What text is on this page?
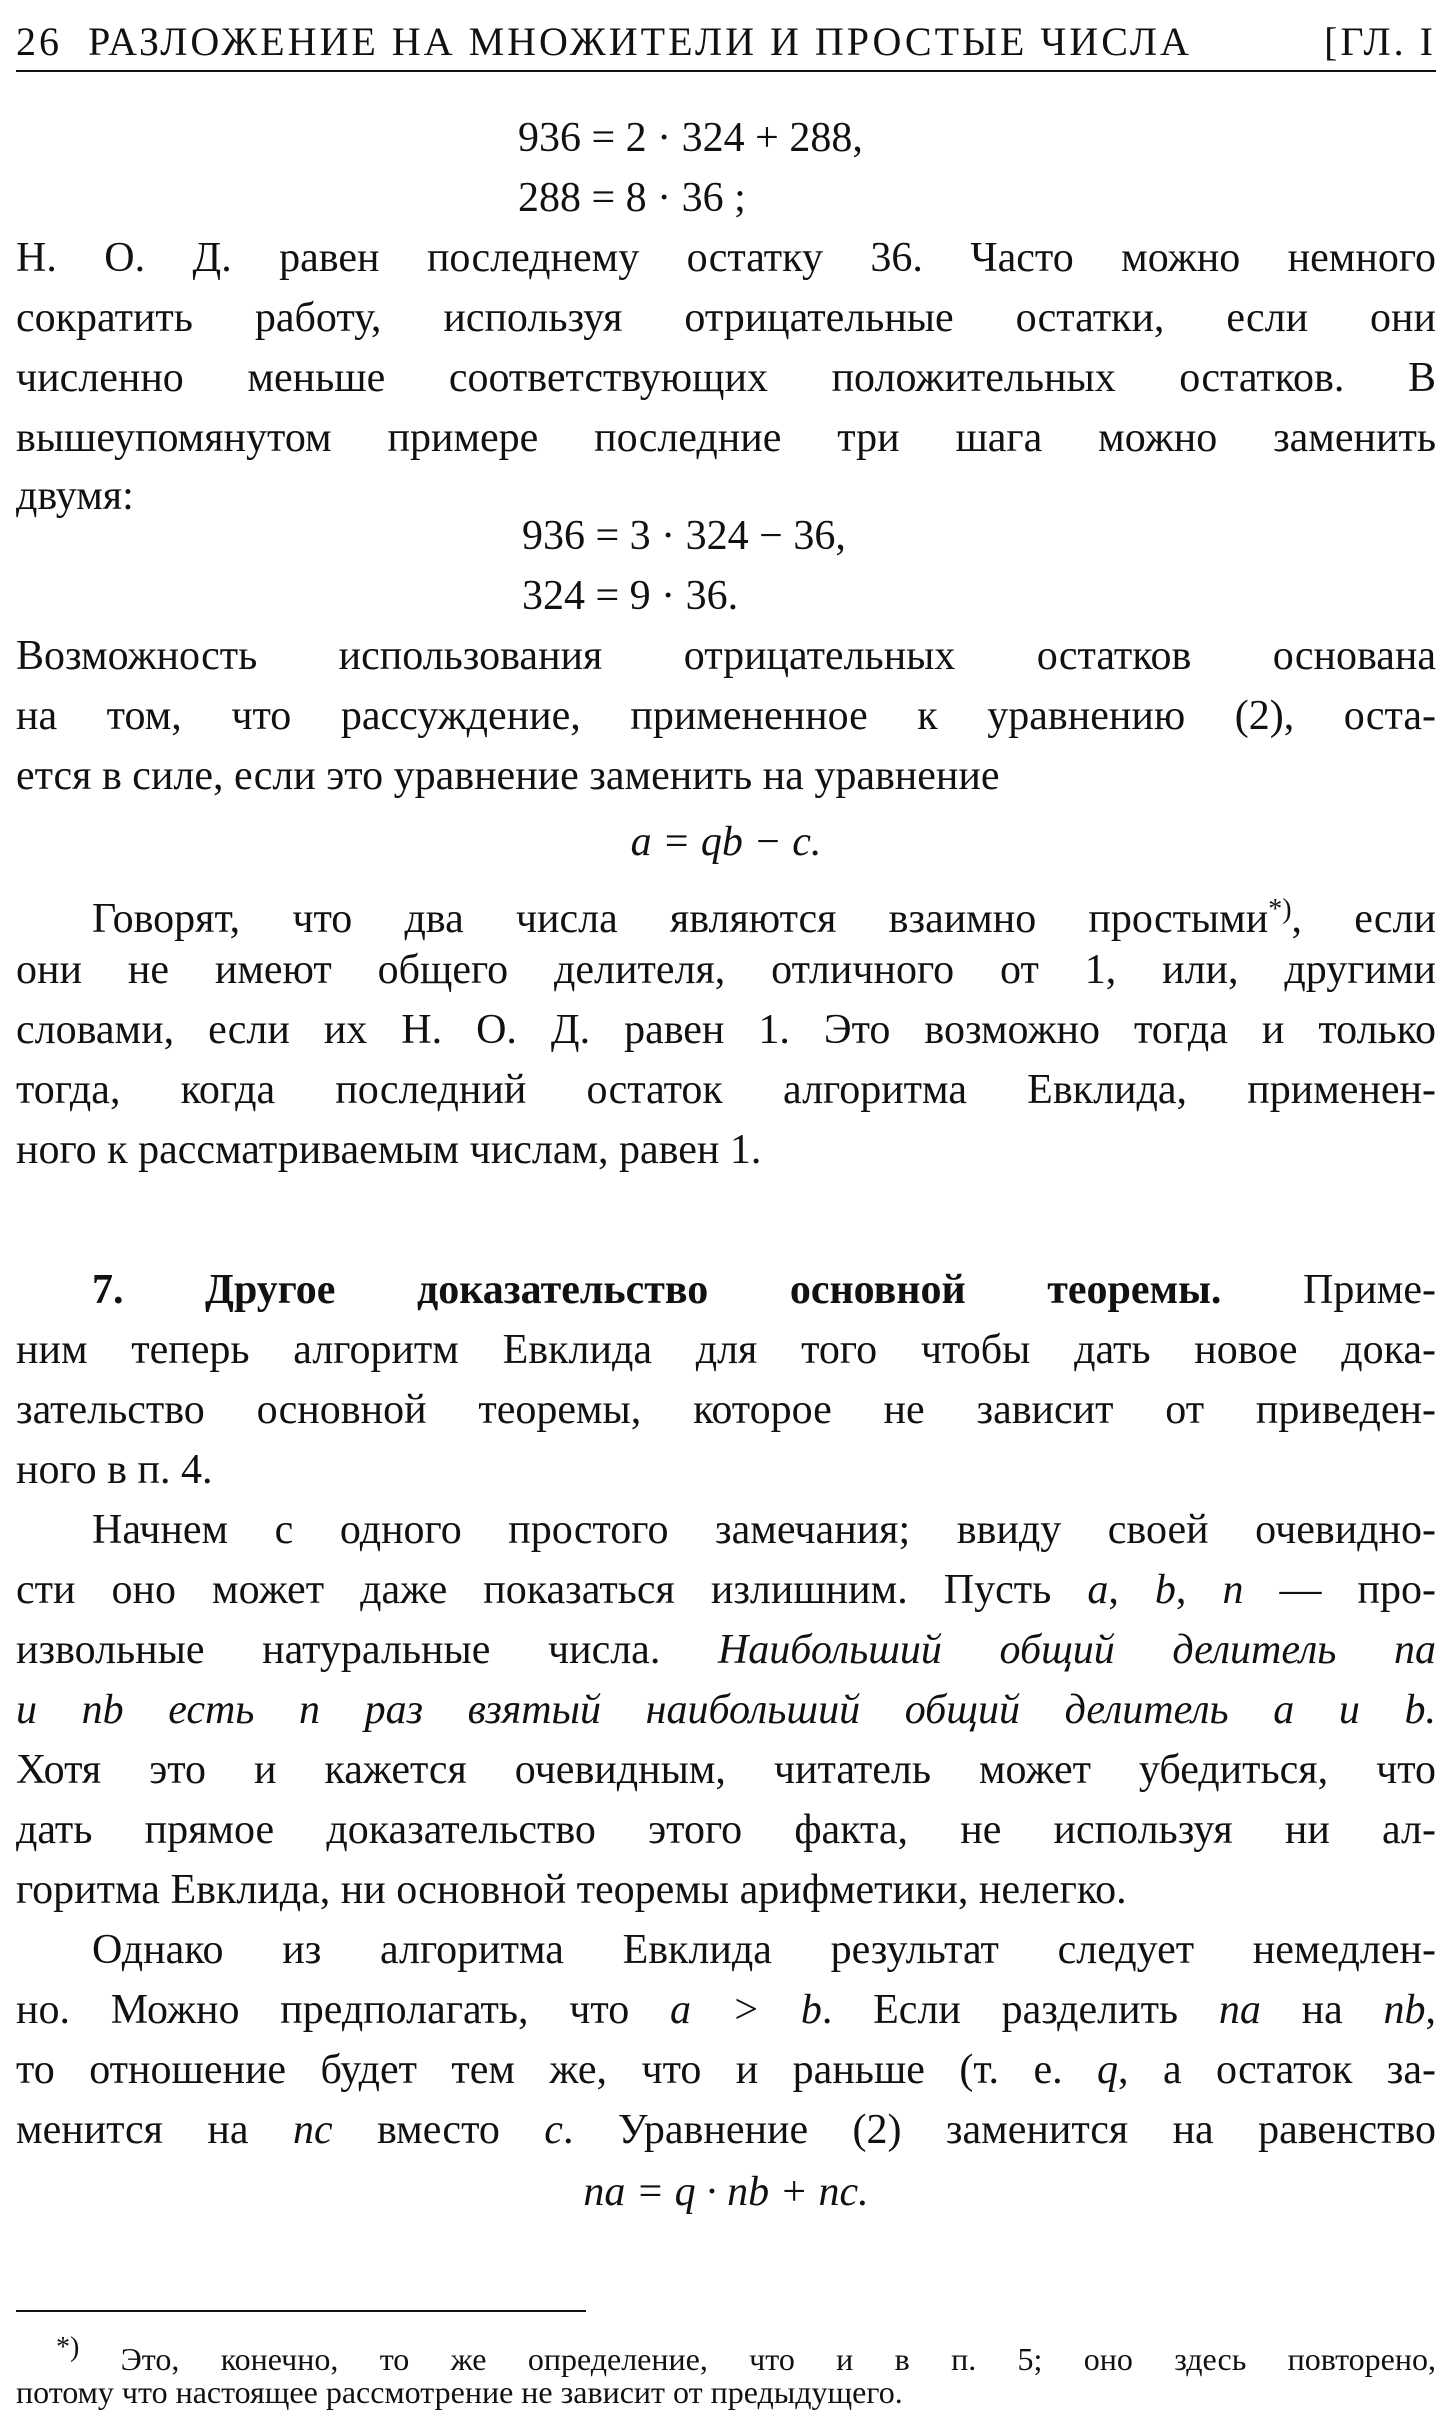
26 РАЗЛОЖЕНИЕ НА МНОЖИТЕЛИ И ПРОСТЫЕ ЧИСЛА	[ГЛ. I
936 = 2 · 324 + 288,
288 = 8 · 36 ;
Н. О. Д. равен последнему остатку 36. Часто можно немного
сократить работу, используя отрицательные остатки, если они
численно меньше соответствующих положительных остатков. В
вышеупомянутом примере последние три шага можно заменить
двумя:
936 = 3 · 324 − 36,
324 = 9 · 36.
Возможность использования отрицательных остатков основана
на том, что рассуждение, примененное к уравнению (2), оста-
ется в силе, если это уравнение заменить на уравнение
a = qb − c.
Говорят, что два числа являются взаимно простыми*), если
они не имеют общего делителя, отличного от 1, или, другими
словами, если их Н. О. Д. равен 1. Это возможно тогда и только
тогда, когда последний остаток алгоритма Евклида, применен-
ного к рассматриваемым числам, равен 1.
7. Другое доказательство основной теоремы. Приме-
ним теперь алгоритм Евклида для того чтобы дать новое дока-
зательство основной теоремы, которое не зависит от приведен-
ного в п. 4.
Начнем с одного простого замечания; ввиду своей очевидно-
сти оно может даже показаться излишним. Пусть a, b, n — про-
извольные натуральные числа. Наибольший общий делитель na
и nb есть n раз взятый наибольший общий делитель a и b.
Хотя это и кажется очевидным, читатель может убедиться, что
дать прямое доказательство этого факта, не используя ни ал-
горитма Евклида, ни основной теоремы арифметики, нелегко.
Однако из алгоритма Евклида результат следует немедлен-
но. Можно предполагать, что a > b. Если разделить na на nb,
то отношение будет тем же, что и раньше (т. е. q, а остаток за-
менится на nc вместо c. Уравнение (2) заменится на равенство
na = q · nb + nc.
*) Это, конечно, то же определение, что и в п. 5; оно здесь повторено,
потому что настоящее рассмотрение не зависит от предыдущего.
